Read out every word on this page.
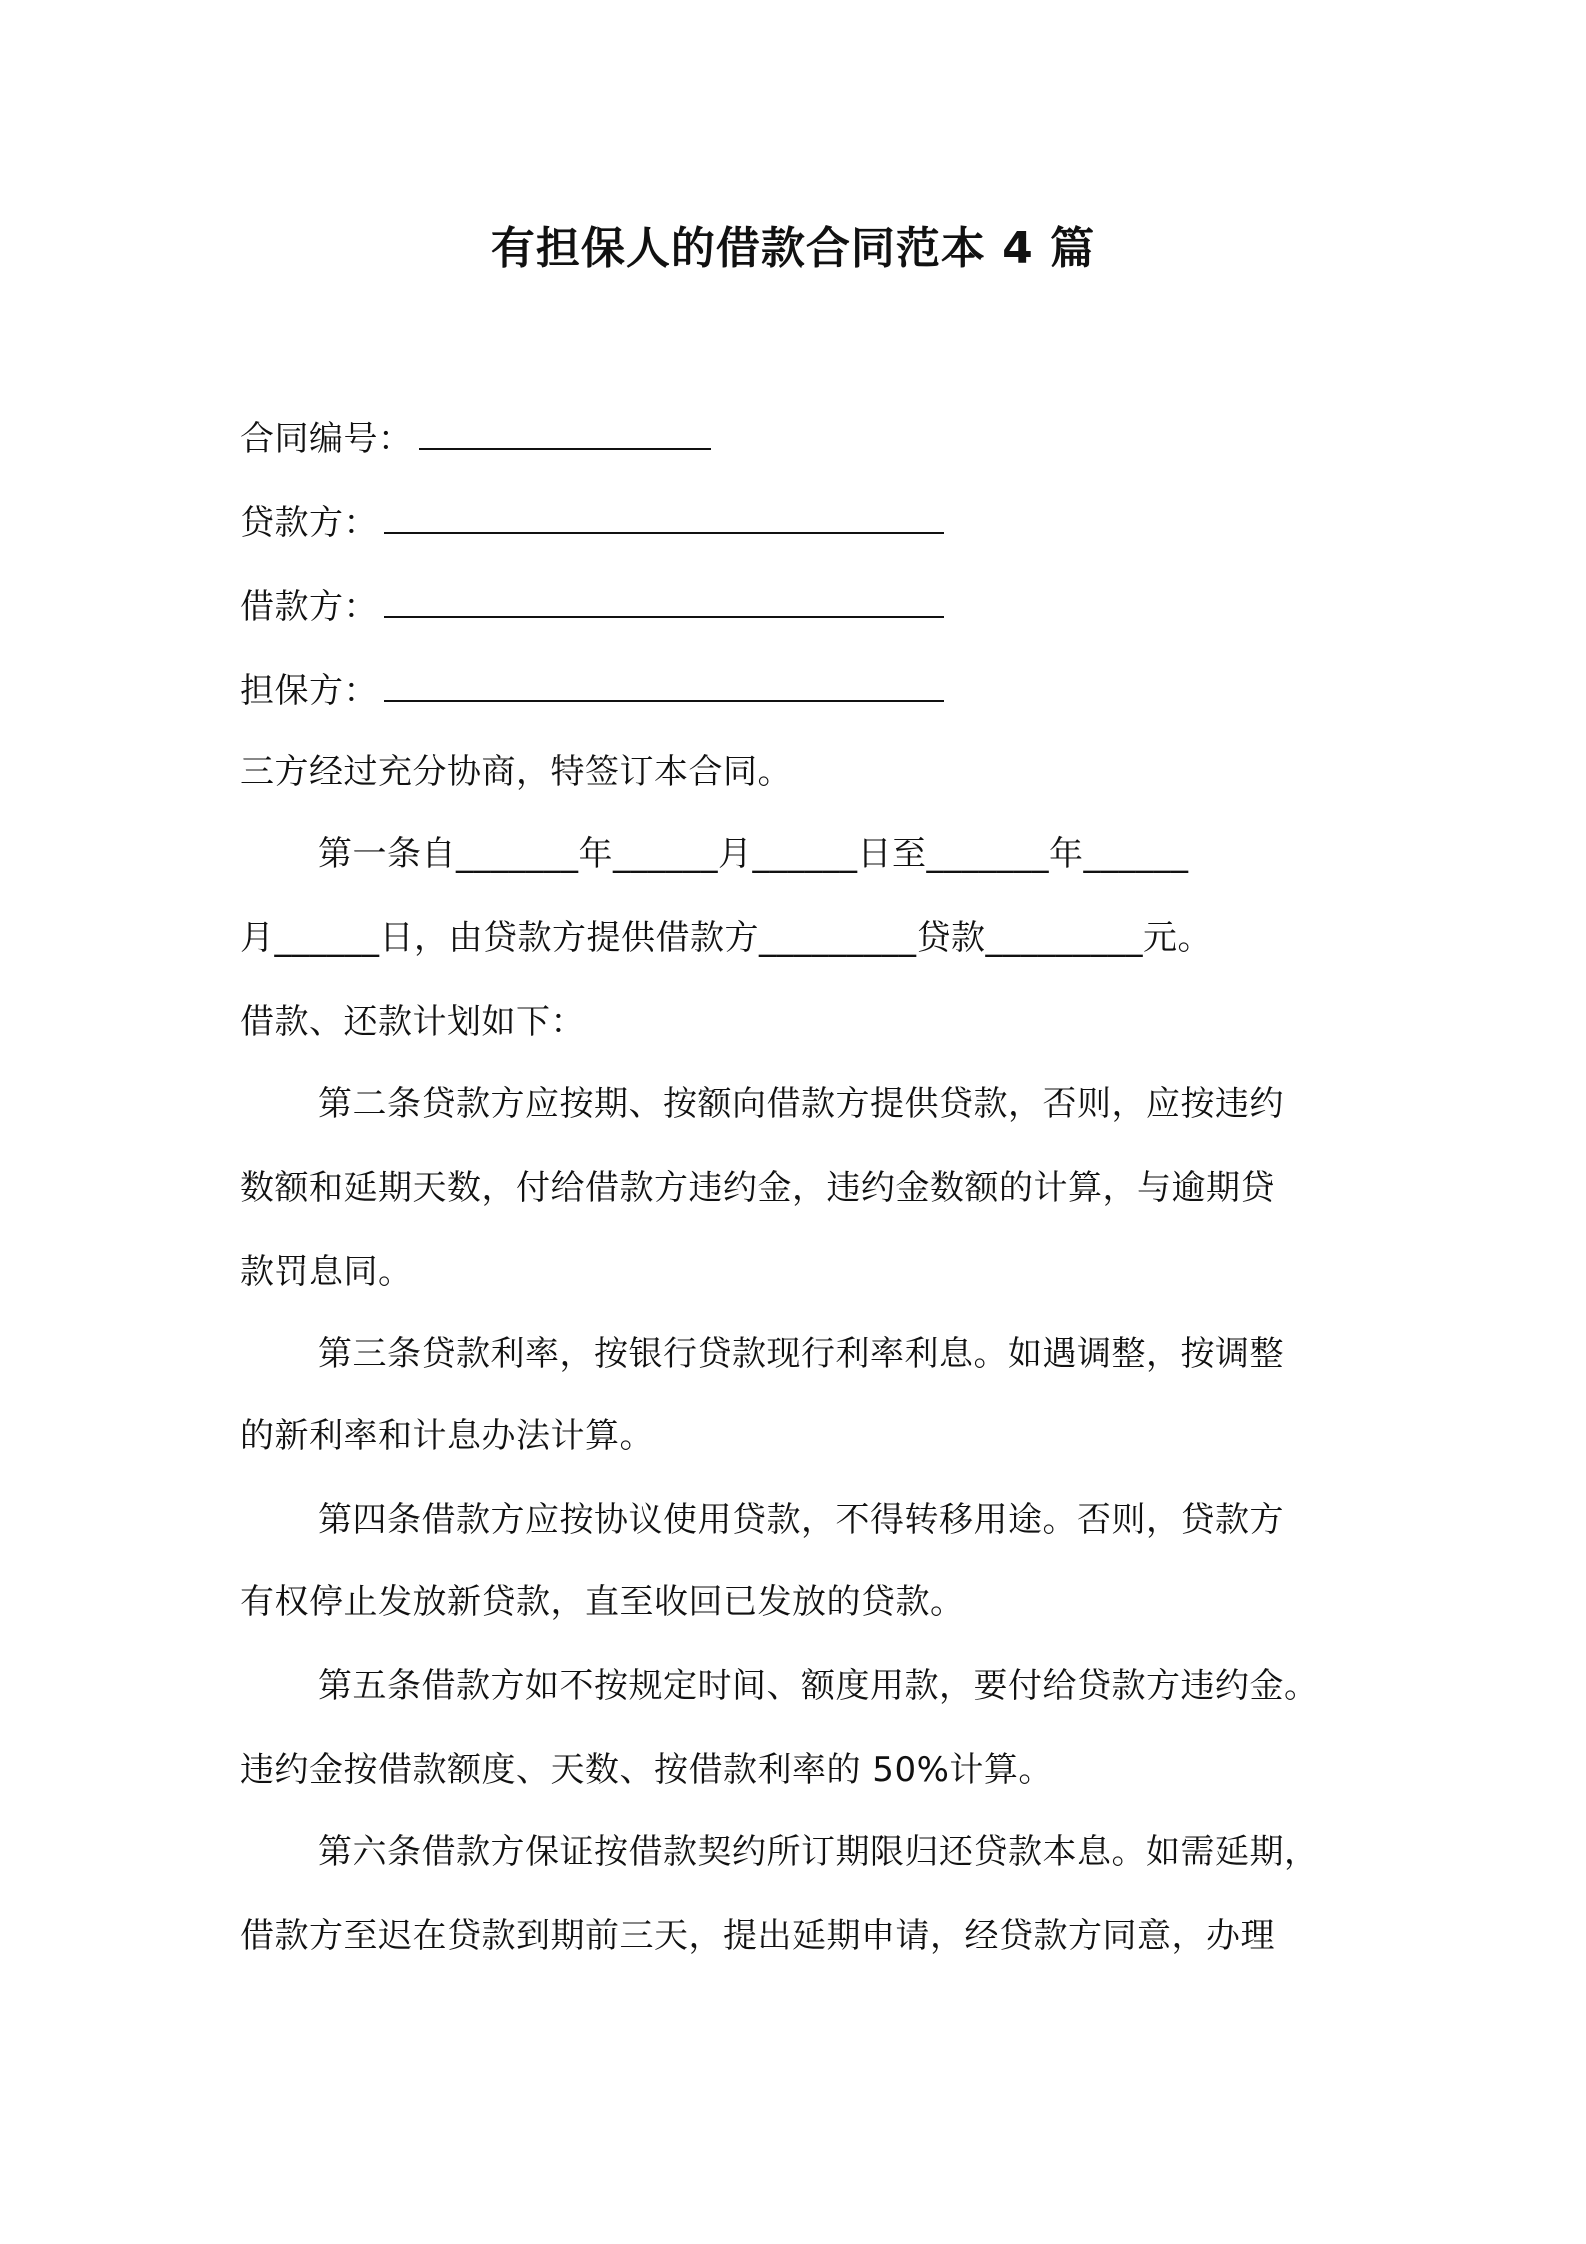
有担保人的借款合同范本 4 篇

合同编号：

贷款方：

借款方：

担保方：

三方经过充分协商，特签订本合同。

第一条自_______年______月______日至_______年______

月______日，由贷款方提供借款方_________贷款_________元。

借款、还款计划如下：

第二条贷款方应按期、按额向借款方提供贷款，否则，应按违约

数额和延期天数，付给借款方违约金，违约金数额的计算，与逾期贷

款罚息同。

第三条贷款利率，按银行贷款现行利率利息。如遇调整，按调整

的新利率和计息办法计算。

第四条借款方应按协议使用贷款，不得转移用途。否则，贷款方

有权停止发放新贷款，直至收回已发放的贷款。

第五条借款方如不按规定时间、额度用款，要付给贷款方违约金。

违约金按借款额度、天数、按借款利率的 50%计算。

第六条借款方保证按借款契约所订期限归还贷款本息。如需延期，

借款方至迟在贷款到期前三天，提出延期申请，经贷款方同意，办理
